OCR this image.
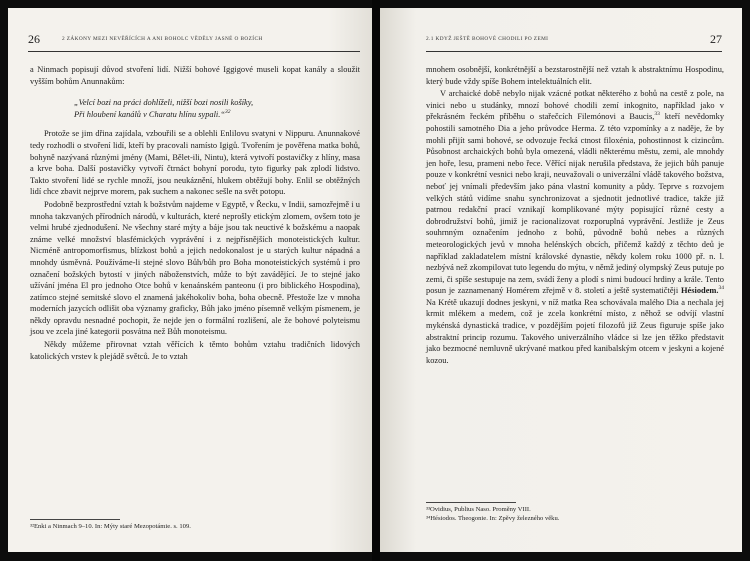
26	2 ZÁKONY MEZI NEVĚŘÍCÍCH A ANI BOHOLC VĚDĚLY JASNÉ O BOZÍCH

a Ninmach popisují důvod stvoření lidí. Nižší bohové Iggigové museli kopat kanály a sloužit vyšším bohům Anunnakům:

„Velcí bozi na práci dohlíželi, nižší bozi nosili košíky,
Při hloubení kanálů v Charatu hlínu sypali.“$^{32}$

Protože se jim dřina zajídala, vzbouřili se a oblehli Enlilovu svatyni v Nippuru. Anunnakové tedy rozhodli o stvoření lidí, kteří by pracovali namísto Igigů. Tvořením je pověřena matka bohů, bohyně nazývaná různými jmény (Mami, Bělet-ili, Nintu), která vytvoří postavičky z hlíny, masa a krve boha. Další postavičky vytvoří čtrnáct bohyní porodu, tyto figurky pak zplodí lidstvo. Takto stvoření lidé se rychle množí, jsou neukáznění, hlukem obtěžují bohy. Enlil se obtěžných lidí chce zbavit nejprve morem, pak suchem a nakonec sešle na svět potopu.

Podobně bezprostřední vztah k božstvům najdeme v Egyptě, v Řecku, v Indii, samozřejmě i u mnoha takzvaných přírodních národů, v kulturách, které neprošly etickým zlomem, ovšem toto je velmi hrubé zjednodušení. Ne všechny staré mýty a báje jsou tak neuctivé k božskému a naopak známe velké množství blasfémických vyprávění i z nejpřísnějších monoteistických kultur. Nicméně antropomorfismus, blízkost bohů a jejich nedokonalost je u starých kultur nápadná a mnohdy úsměvná. Používáme-li stejné slovo Bůh/bůh pro Boha monoteistických systémů i pro označení božských bytostí v jiných náboženstvích, může to být zavádějící. Je to stejné jako užívání jména El pro jednoho Otce bohů v kenaánském panteonu (i pro biblického Hospodina), zatímco stejné semitské slovo el znamená jakéhokoliv boha, boha obecně. Přestože lze v mnoha moderních jazycích odlišit oba významy graficky, Bůh jako jméno písemně velkým písmenem, je někdy opravdu nesnadné pochopit, že nejde jen o formální rozlišení, ale že bohové polyteismu jsou ve zcela jiné kategorii posvátna než Bůh monoteismu.

Někdy můžeme přirovnat vztah věřících k těmto bohům vztahu tradičních lidových katolických vrstev k plejádě světců. Je to vztah

³²Enki a Ninmach 9–10. In: Mýty staré Mezopotámie. s. 109.
2.1 KDYŽ JEŠTĚ BOHOVÉ CHODILI PO ZEMI	27

mnohem osobnější, konkrétnější a bezstarostnější než vztah k abstraktnímu Hospodinu, který bude vždy spíše Bohem intelektuálních elit.

V archaické době nebylo nijak vzácné potkat některého z bohů na cestě z pole, na vinici nebo u studánky, mnozí bohové chodili zemí inkognito, například jako v překrásném řeckém příběhu o stařečcích Filemónovi a Baucis,$^{33}$ kteří nevědomky pohostili samotného Dia a jeho průvodce Herma. Z této vzpomínky a z naděje, že by mohli přijít sami bohové, se odvozuje řecká ctnost filoxénia, pohostinnost k cizincům. Působnost archaických bohů byla omezená, vládli některému městu, zemi, ale mnohdy jen hoře, lesu, prameni nebo řece. Věřící nijak nerušila představa, že jejich bůh panuje pouze v konkrétní vesnici nebo kraji, neuvažovali o univerzální vládě takového božstva, neboť jej vnímali především jako pána vlastní komunity a půdy. Teprve s rozvojem velkých států vidíme snahu synchronizovat a sjednotit jednotlivé tradice, takže již patrnou redakční prací vznikají komplikované mýty popisující různé cesty a dobrodružství bohů, jimiž je racionalizovat rozporuplná vyprávění. Jestliže je Zeus souhrnným označením jednoho z bohů, původně bohů nebes a různých meteorologických jevů v mnoha helénských obcích, přičemž každý z těchto deů je například zakladatelem místní královské dynastie, někdy kolem roku 1000 př. n. l. nezbývá než zkompilovat tuto legendu do mýtu, v němž jediný olympský Zeus putuje po zemi, či spíše sestupuje na zem, svádí ženy a plodí s nimi budoucí hrdiny a krále. Tento posun je zaznamenaný Homérem zřejmě v 8. století a ještě systematičtěji Hésiodem.$^{34}$ Na Krétě ukazují dodnes jeskyni, v níž matka Rea schovávala malého Dia a nechala jej krmit mlékem a medem, což je zcela konkrétní místo, z něhož se odvíjí vlastní mykénská dynastická tradice, v pozdějším pojetí filozofů již Zeus figuruje spíše jako abstraktní princip rozumu. Takového univerzálního vládce si lze jen těžko představit jako bezmocné nemluvně ukrývané matkou před kanibalským otcem v jeskyni a kojené kozou.

³³Ovidius, Publius Naso. Proměny VIII.
³⁴Hésiodos. Theogonie. In: Zpěvy železného věku.
